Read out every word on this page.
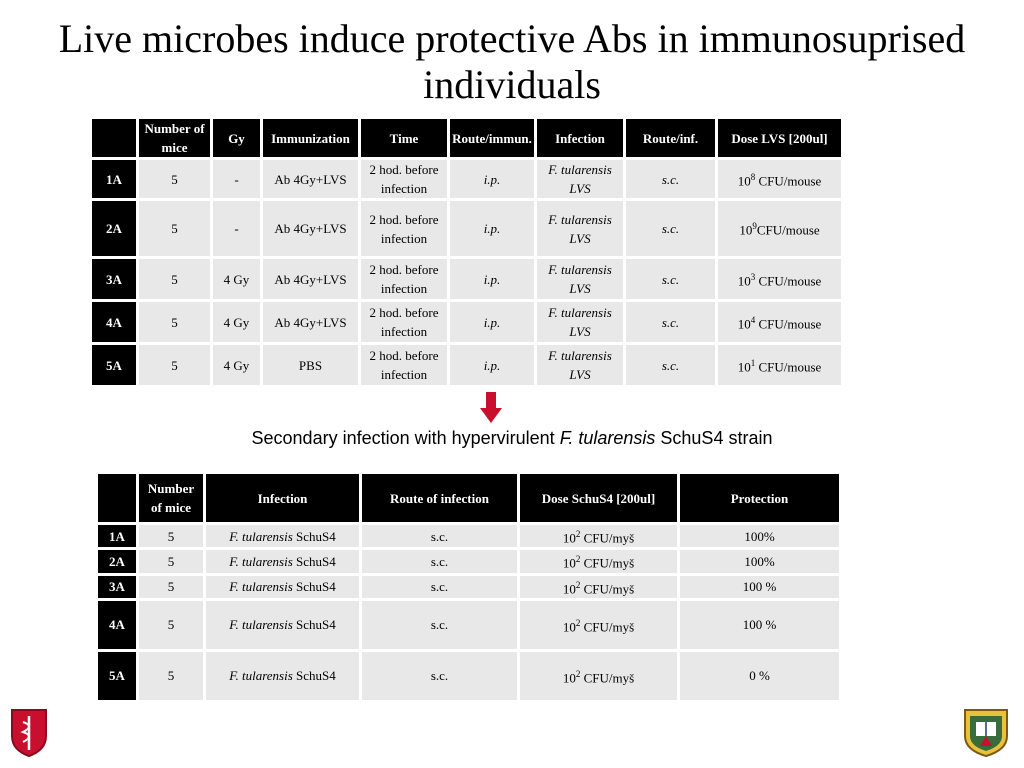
Live microbes induce protective Abs in immunosuprised individuals
	Number of mice	Gy	Immunization	Time	Route/immun.	Infection	Route/inf.	Dose LVS [200ul]
1A	5	-	Ab 4Gy+LVS	2 hod. before infection	i.p.	F. tularensis LVS	s.c.	$10^8$ CFU/mouse
2A	5	-	Ab 4Gy+LVS	2 hod. before infection	i.p.	F. tularensis LVS	s.c.	$10^9CFU$/mouse
3A	5	4 Gy	Ab 4Gy+LVS	2 hod. before infection	i.p.	F. tularensis LVS	s.c.	$10^3$ CFU/mouse
4A	5	4 Gy	Ab 4Gy+LVS	2 hod. before infection	i.p.	F. tularensis LVS	s.c.	$10^4$ CFU/mouse
5A	5	4 Gy	PBS	2 hod. before infection	i.p.	F. tularensis LVS	s.c.	$10^1$ CFU/mouse
Secondary infection with hypervirulent F. tularensis SchuS4 strain
	Number of mice	Infection	Route of infection	Dose SchuS4 [200ul]	Protection
1A	5	F. tularensis SchuS4	s.c.	$10^2$ CFU/myš	100%
2A	5	F. tularensis SchuS4	s.c.	$10^2$ CFU/myš	100%
3A	5	F. tularensis SchuS4	s.c.	$10^2$ CFU/myš	100 %
4A	5	F. tularensis SchuS4	s.c.	$10^2$ CFU/myš	100 %
5A	5	F. tularensis SchuS4	s.c.	$10^2$ CFU/myš	0 %
